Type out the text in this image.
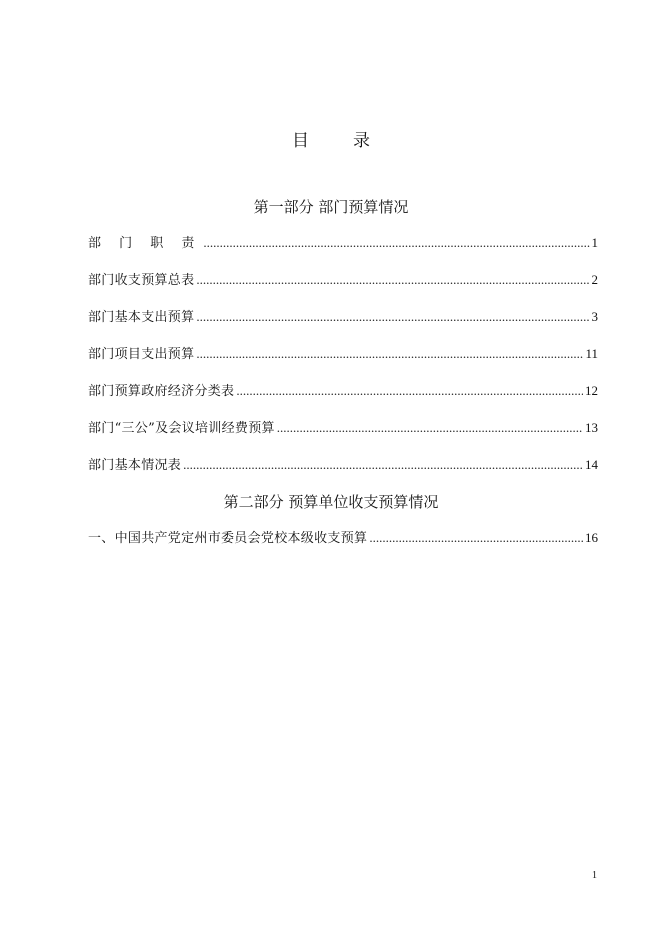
目	录
第一部分 部门预算情况
部 门 职 责 .....	1
部门收支预算总表 .....	2
部门基本支出预算 .....	3
部门项目支出预算 .....	11
部门预算政府经济分类表 .....	12
部门“三公”及会议培训经费预算 .....	13
部门基本情况表 .....	14
第二部分 预算单位收支预算情况
一、中国共产党定州市委员会党校本级收支预算 .....	16
1
